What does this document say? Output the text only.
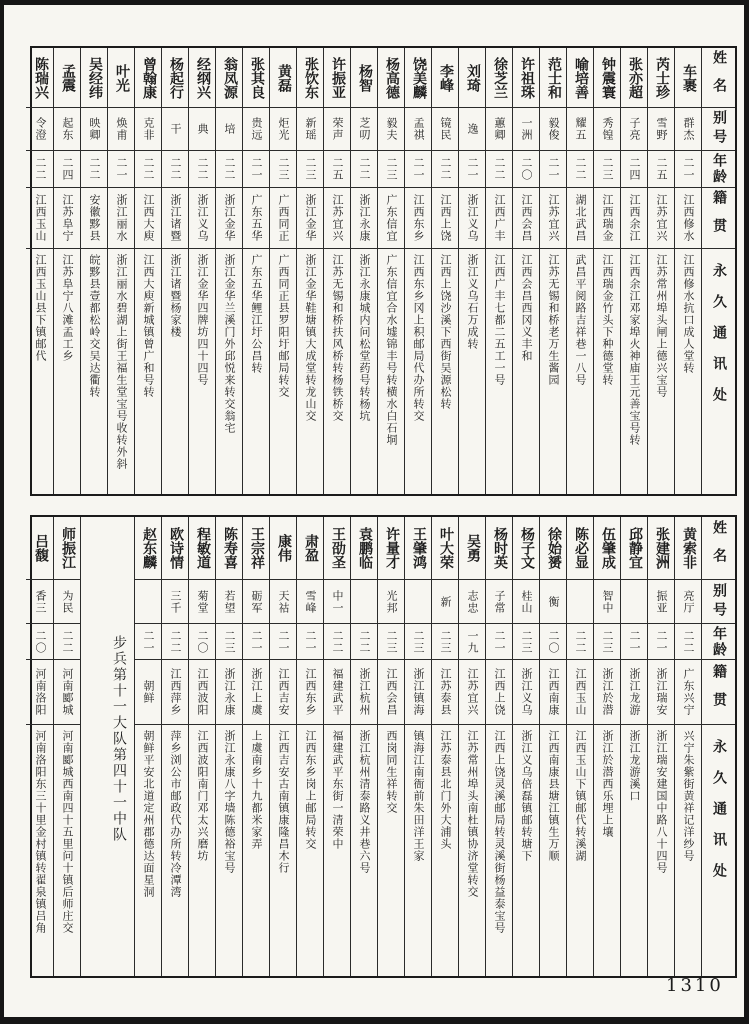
姓名
别号
年龄
籍贯
永久通讯处
车裹
群杰
二一
江西修水
江西修水抗口成人堂转
芮士珍
雪野
二五
江苏宜兴
江苏常州埠头闸上德兴宝号
张亦超
子亮
二四
江西余江
江西余江邓家埠火神庙王元善宝号转
钟震寰
秀锽
二三
江西瑞金
江西瑞金竹头下种德堂转
喻培善
耀五
二二
湖北武昌
武昌平阅路吉祥巷一八号
范士和
毅俊
二一
江苏宜兴
江苏无锡和桥老万生酱园
许祖珠
一洲
二〇
江西会昌
江西会昌西冈义丰和
徐芝兰
蕙卿
二二
江西广丰
江西广丰七都二五工一号
刘琦
逸
二一
浙江义乌
浙江义乌石万成转
李峰
镜民
二二
江西上饶
江西上饶沙溪下西街吴源松转
饶美麟
孟祺
二一
江西东乡
江西东乡冈上积邮局代办所转交
杨高德
毅夫
二三
广东信宜
广东信宜合水墟锦丰号转横水白石垌
杨智
芝叨
二二
浙江永康
浙江永康城内问松堂药号转杨坑
许振亚
荣声
二五
江苏宜兴
江苏无锡和桥扶风桥转杨铁桥交
张饮东
新瑶
二三
浙江金华
浙江金华鞋塘镇大成堂转龙山交
黄磊
炬光
二三
广西同正
广西同正县罗阳圩邮局转交
张其良
贵远
二一
广东五华
广东五华鲤江圩公昌转
翁凤源
培
二二
浙江金华
浙江金华兰溪门外邱悦来转交翁宅
经纲兴
典
二二
浙江义乌
浙江金华四牌坊四十四号
杨起行
干
二二
浙江诸暨
浙江诸暨杨家楼
曾翰康
克非
二二
江西大庾
江西大庾新城镇曾广和号转
叶光
焕甫
二一
浙江丽水
浙江丽水碧湖上街王福生堂宝号收转外斜
吴经纬
映卿
二二
安徽黟县
皖黟县壹都松岭交吴达衢转
孟震
起东
二四
江苏阜宁
江苏阜宁八滩孟工乡
陈瑞兴
令澄
二二
江西玉山
江西玉山县下镇邮代
姓名
别号
年龄
籍贯
永久通讯处
黄索非
亮厅
二二
广东兴宁
兴宁朱紫街黄祥记洋纱号
张建洲
振亚
二一
浙江瑞安
浙江瑞安建国中路八十四号
邱静宜
二一
浙江龙游
浙江龙游溪口
伍肇成
智中
二三
浙江於潜
浙江於潜西乐埋上壤
陈必显
二二
江西玉山
江西玉山下镇邮代转溪湖
徐始赟
衡
二〇
江西南康
江西南康县塘江镇生万顺
杨子文
桂山
二三
浙江义乌
浙江义乌倍磊镇邮转塘下
杨时英
子常
二一
江西上饶
江西上饶灵溪邮局转灵溪街杨益泰宝号
吴勇
志忠
一九
江苏宜兴
江苏常州埠头南杜镇协济堂转交
叶大荣
新
二三
江苏泰县
江苏泰县北门外大浦头
王肇鸿
二三
浙江镇海
镇海江南衙前朱田洋王家
许量才
光邦
二三
江西会昌
西岗同生祥转交
袁鹏临
二二
浙江杭州
浙江杭州清泰路义井巷六号
王劭圣
中一
二二
福建武平
福建武平东街一清荣中
肃盈
雪峰
二一
江西东乡
江西东乡岗上邮局转交
康伟
天祜
二一
江西吉安
江西吉安古南镇康隆昌木行
王宗祥
砺军
二一
浙江上虞
上虞南乡十九都米家弄
陈寿喜
若望
二三
浙江永康
浙江永康八字墙陈德裕宝号
程敏道
菊堂
二〇
江西波阳
江西波阳南门邓太兴磨坊
欧诗情
三千
二二
江西萍乡
萍乡浏公市邮政代办所转冷潭湾
赵东麟
二一
朝鲜
朝鲜平安北道定州郡德达面星洞
步兵第十一大队第四十一中队
师振江
为民
二二
河南郾城
河南郾城西南四十五里问十镇后师庄交
吕馥
香三
二〇
河南洛阳
河南洛阳东三十里金村镇转翟泉镇吕角
1310
